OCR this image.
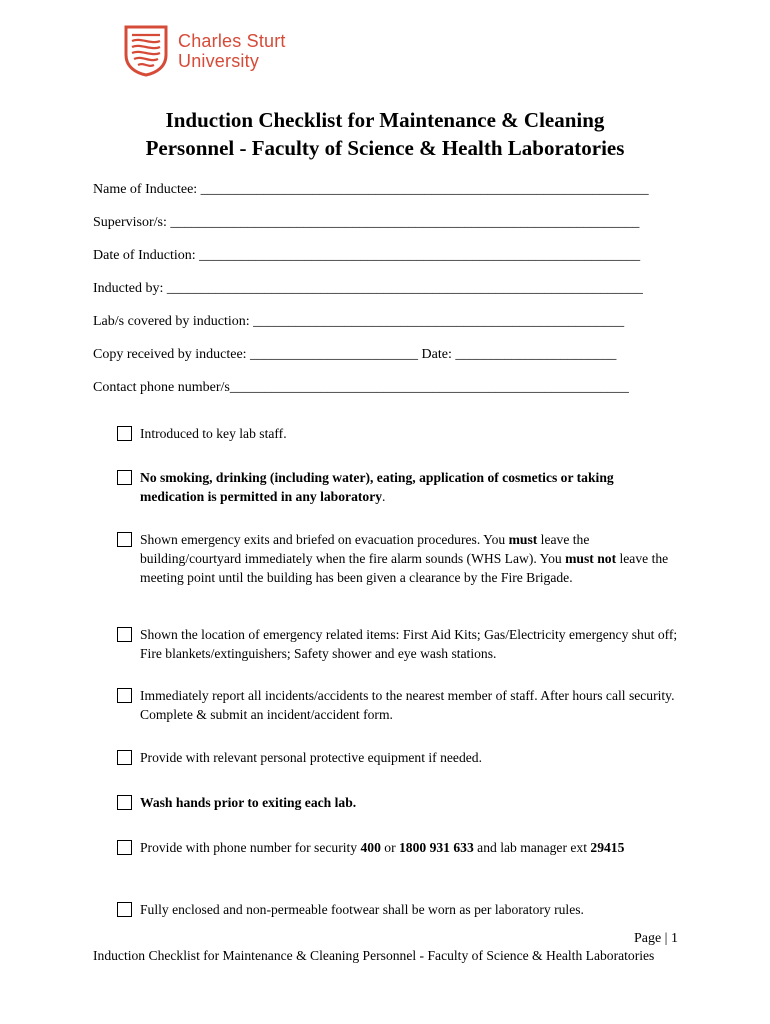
Charles Sturt
University
Induction Checklist for Maintenance & Cleaning
Personnel - Faculty of Science & Health Laboratories
Name of Inductee: ________________________________________________________________
Supervisor/s: ___________________________________________________________________
Date of Induction: _______________________________________________________________
Inducted by: ____________________________________________________________________
Lab/s covered by induction: _____________________________________________________
Copy received by inductee: ________________________ Date: _______________________
Contact phone number/s_________________________________________________________
Introduced to key lab staff.
No smoking, drinking (including water), eating, application of cosmetics or taking medication is permitted in any laboratory.
Shown emergency exits and briefed on evacuation procedures. You must leave the building/courtyard immediately when the fire alarm sounds (WHS Law). You must not leave the meeting point until the building has been given a clearance by the Fire Brigade.
Shown the location of emergency related items: First Aid Kits; Gas/Electricity emergency shut off; Fire blankets/extinguishers; Safety shower and eye wash stations.
Immediately report all incidents/accidents to the nearest member of staff. After hours call security. Complete & submit an incident/accident form.
Provide with relevant personal protective equipment if needed.
Wash hands prior to exiting each lab.
Provide with phone number for security 400 or 1800 931 633 and lab manager ext 29415
Fully enclosed and non-permeable footwear shall be worn as per laboratory rules.
Page | 1
Induction Checklist for Maintenance & Cleaning Personnel - Faculty of Science & Health Laboratories
